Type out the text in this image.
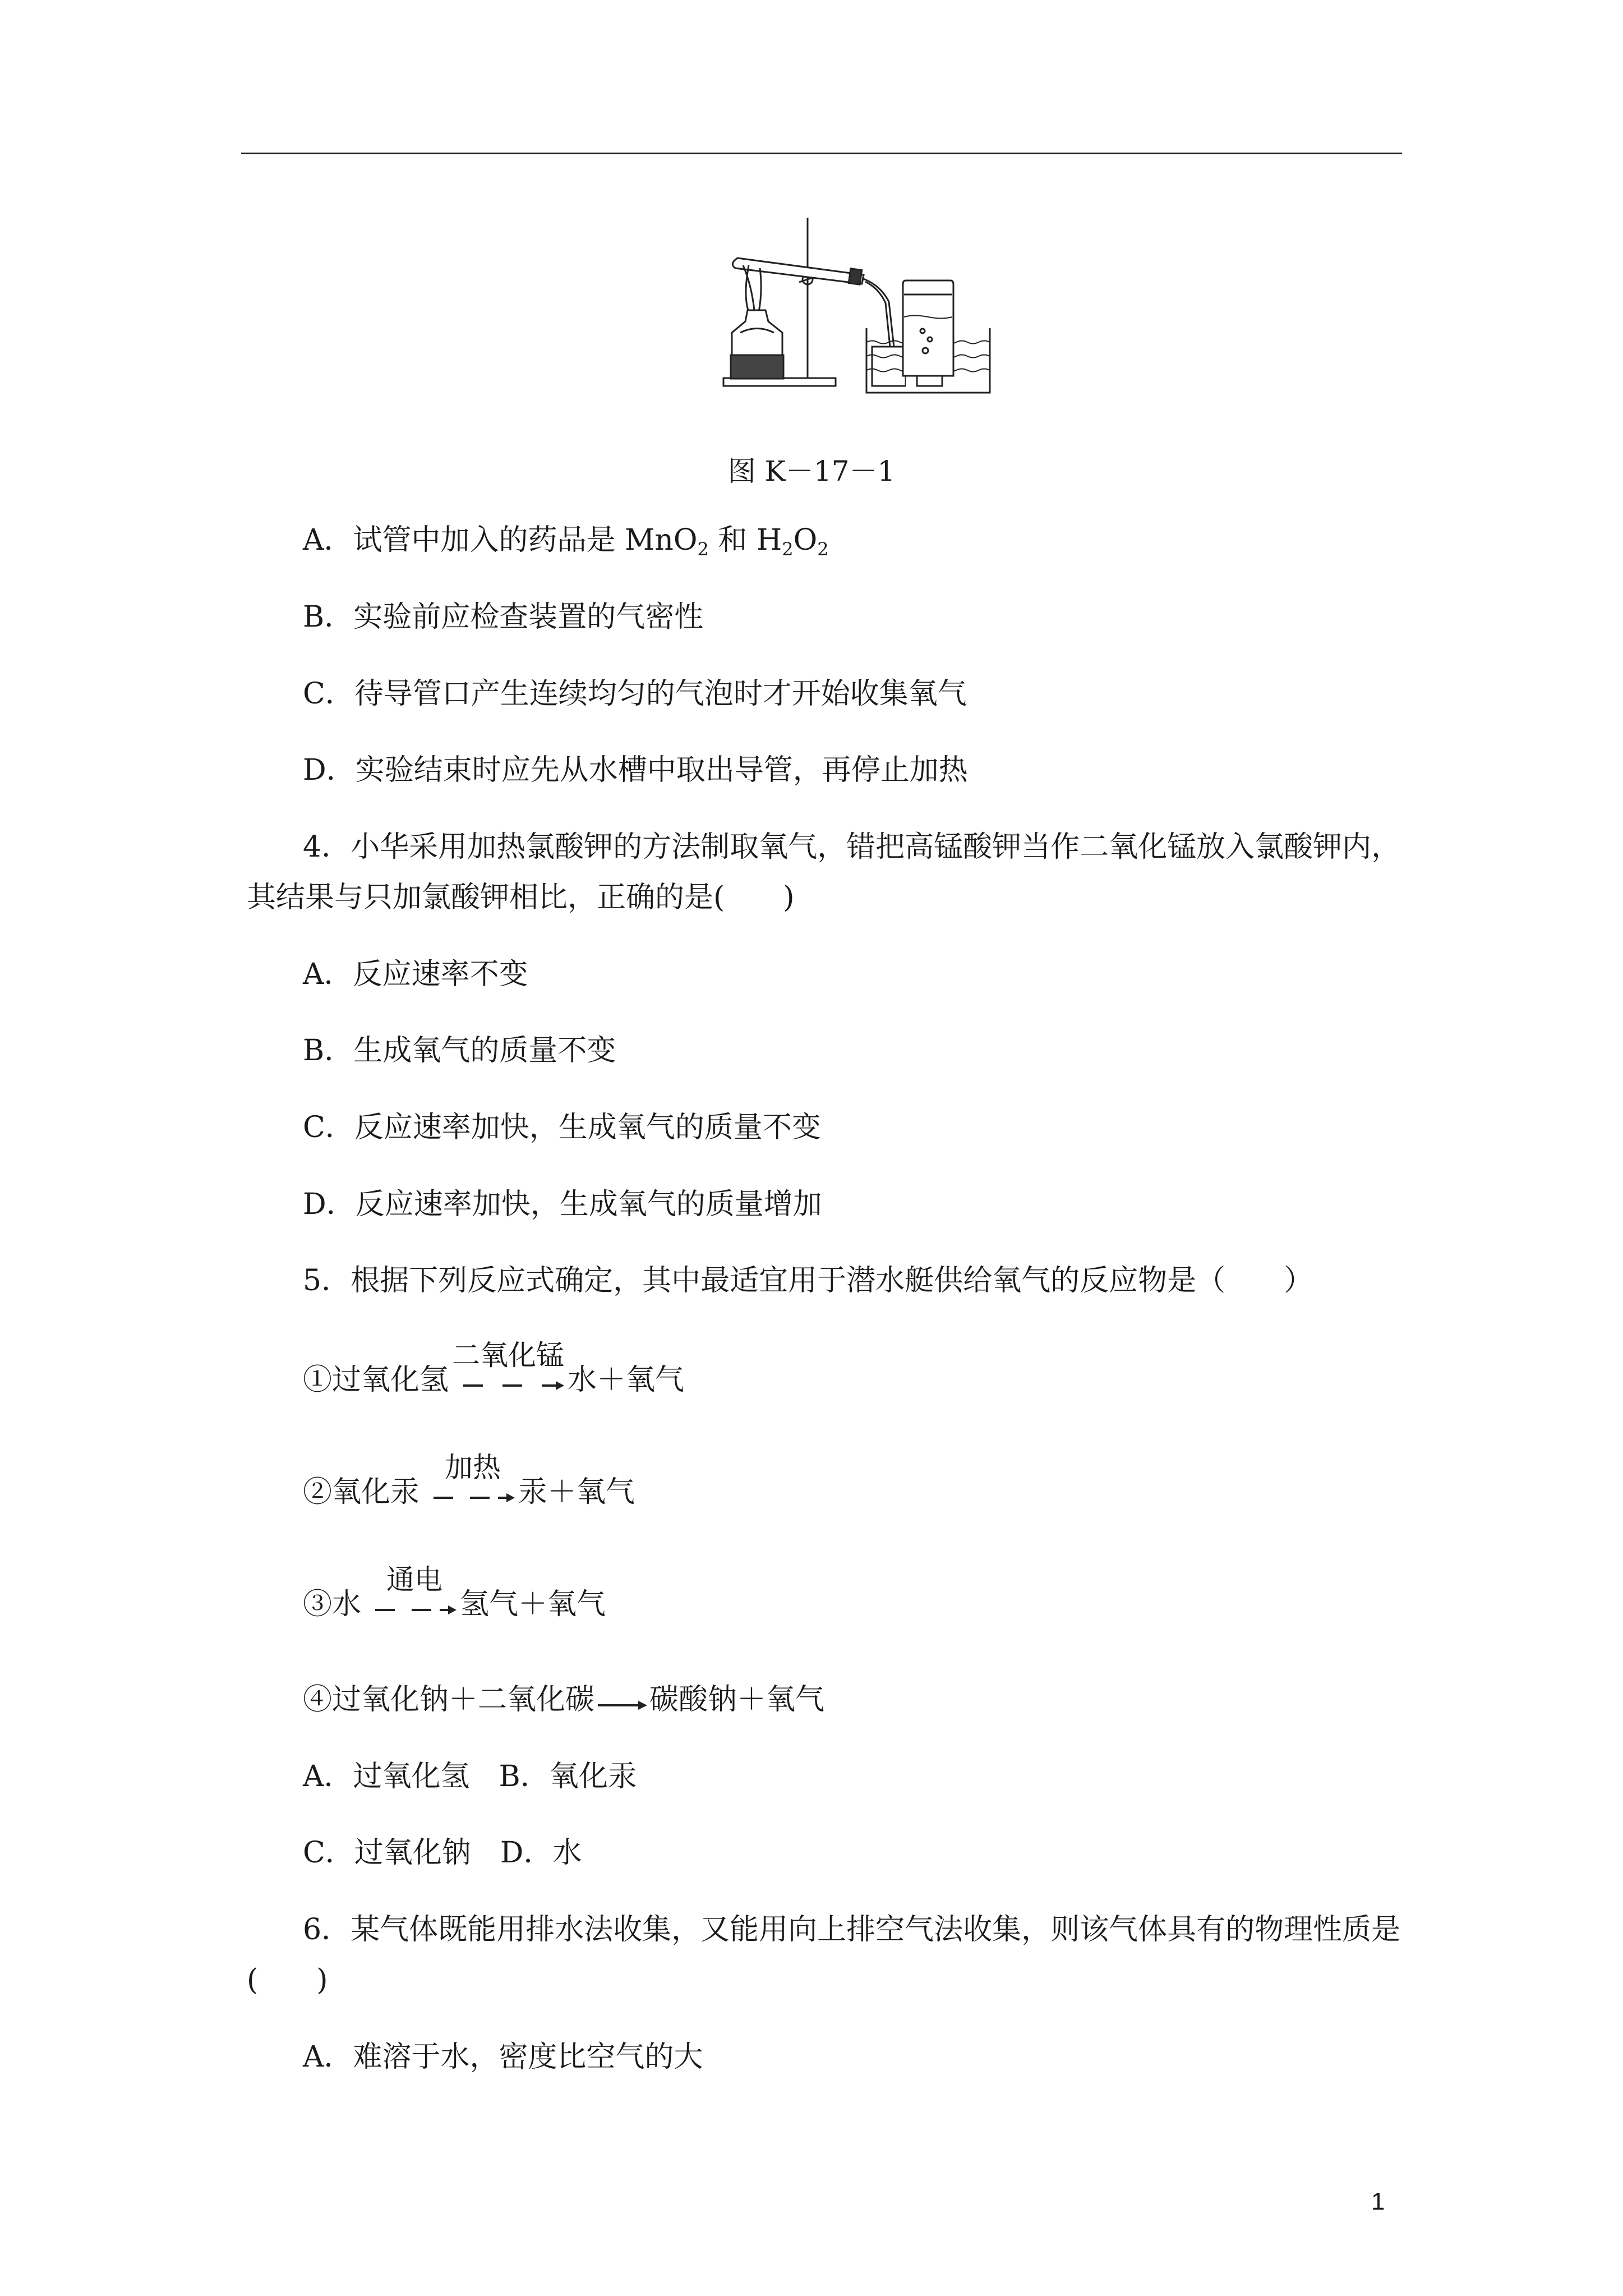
图 K－17－1
A．试管中加入的药品是 MnO$_2$ 和 $H_2O_2$
B．实验前应检查装置的气密性
C．待导管口产生连续均匀的气泡时才开始收集氧气
D．实验结束时应先从水槽中取出导管，再停止加热
4．小华采用加热氯酸钾的方法制取氧气，错把高锰酸钾当作二氧化锰放入氯酸钾内，
其结果与只加氯酸钾相比，正确的是(　　)
A．反应速率不变
B．生成氧气的质量不变
C．反应速率加快，生成氧气的质量不变
D．反应速率加快，生成氧气的质量增加
5．根据下列反应式确定，其中最适宜用于潜水艇供给氧气的反应物是（　　）
①过氧化氢
二氧化锰
水＋氧气
②氧化汞
加热
汞＋氧气
③水
通电
氢气＋氧气
④过氧化钠＋二氧化碳 → 碳酸钠＋氧气
A．过氧化氢　B．氧化汞
C．过氧化钠　D．水
6．某气体既能用排水法收集，又能用向上排空气法收集，则该气体具有的物理性质是
(　　)
A．难溶于水，密度比空气的大
1
